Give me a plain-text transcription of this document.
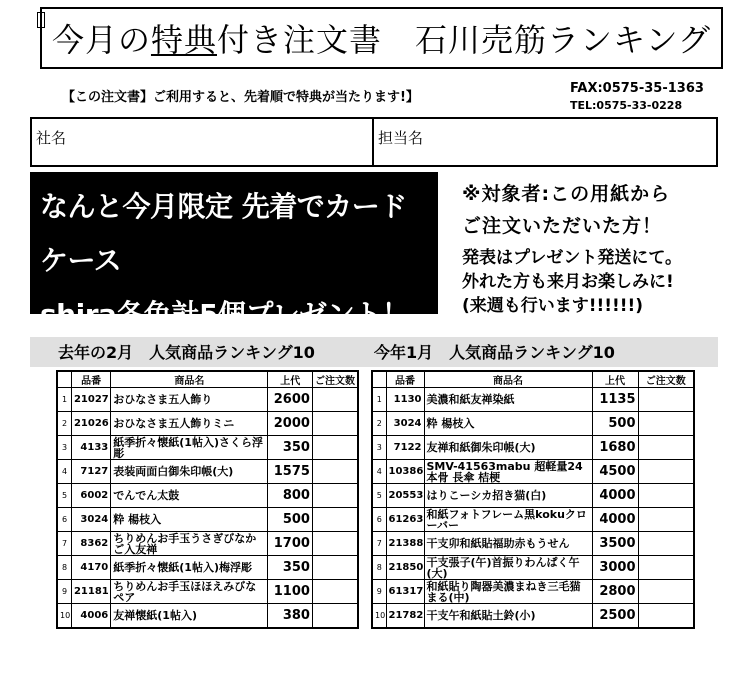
今月の 特典 付き注文書　石川売筋ランキング
【この注文書】ご利用すると、先着順で特典が当たります!】
FAX:0575-35-1363
TEL:0575-33-0228
社名	担当名
なんと今月限定 先着でカードケース
shira各色計5個プレゼント！
※対象者:この用紙から
ご注文いただいた方！
発表はプレゼント発送にて。
外れた方も来月お楽しみに!
(来週も行います!!!!!!)
去年の2月　人気商品ランキング10	今年1月　人気商品ランキング10
	品番	商品名	上代	ご注文数
1	21027	おひなさま五人飾り	2600	
2	21026	おひなさま五人飾りミニ	2000	
3	4133	紙季折々懐紙(1帖入)さくら浮彫	350	
4	7127	表装両面白御朱印帳(大)	1575	
5	6002	でんでん太鼓	800	
6	3024	粋 楊枝入	500	
7	8362	ちりめんお手玉うさぎびなかご入友禅	1700	
8	4170	紙季折々懐紙(1帖入)梅浮彫	350	
9	21181	ちりめんお手玉ほほえみびなペア	1100	
10	4006	友禅懐紙(1帖入)	380	
	品番	商品名	上代	ご注文数
1	1130	美濃和紙友禅染紙	1135	
2	3024	粋 楊枝入	500	
3	7122	友禅和紙御朱印帳(大)	1680	
4	10386	SMV-41563mabu 超軽量24本骨 長傘 桔梗	4500	
5	20553	はりこーシカ招き猫(白)	4000	
6	61263	和紙フォトフレーム黒kokuクローバー	4000	
7	21388	干支卯和紙貼福助赤もうせん	3500	
8	21850	干支張子(午)首振りわんぱく午(大)	3000	
9	61317	和紙貼り陶器美濃まねき三毛猫まる(中)	2800	
10	21782	干支午和紙貼土鈴(小)	2500	
